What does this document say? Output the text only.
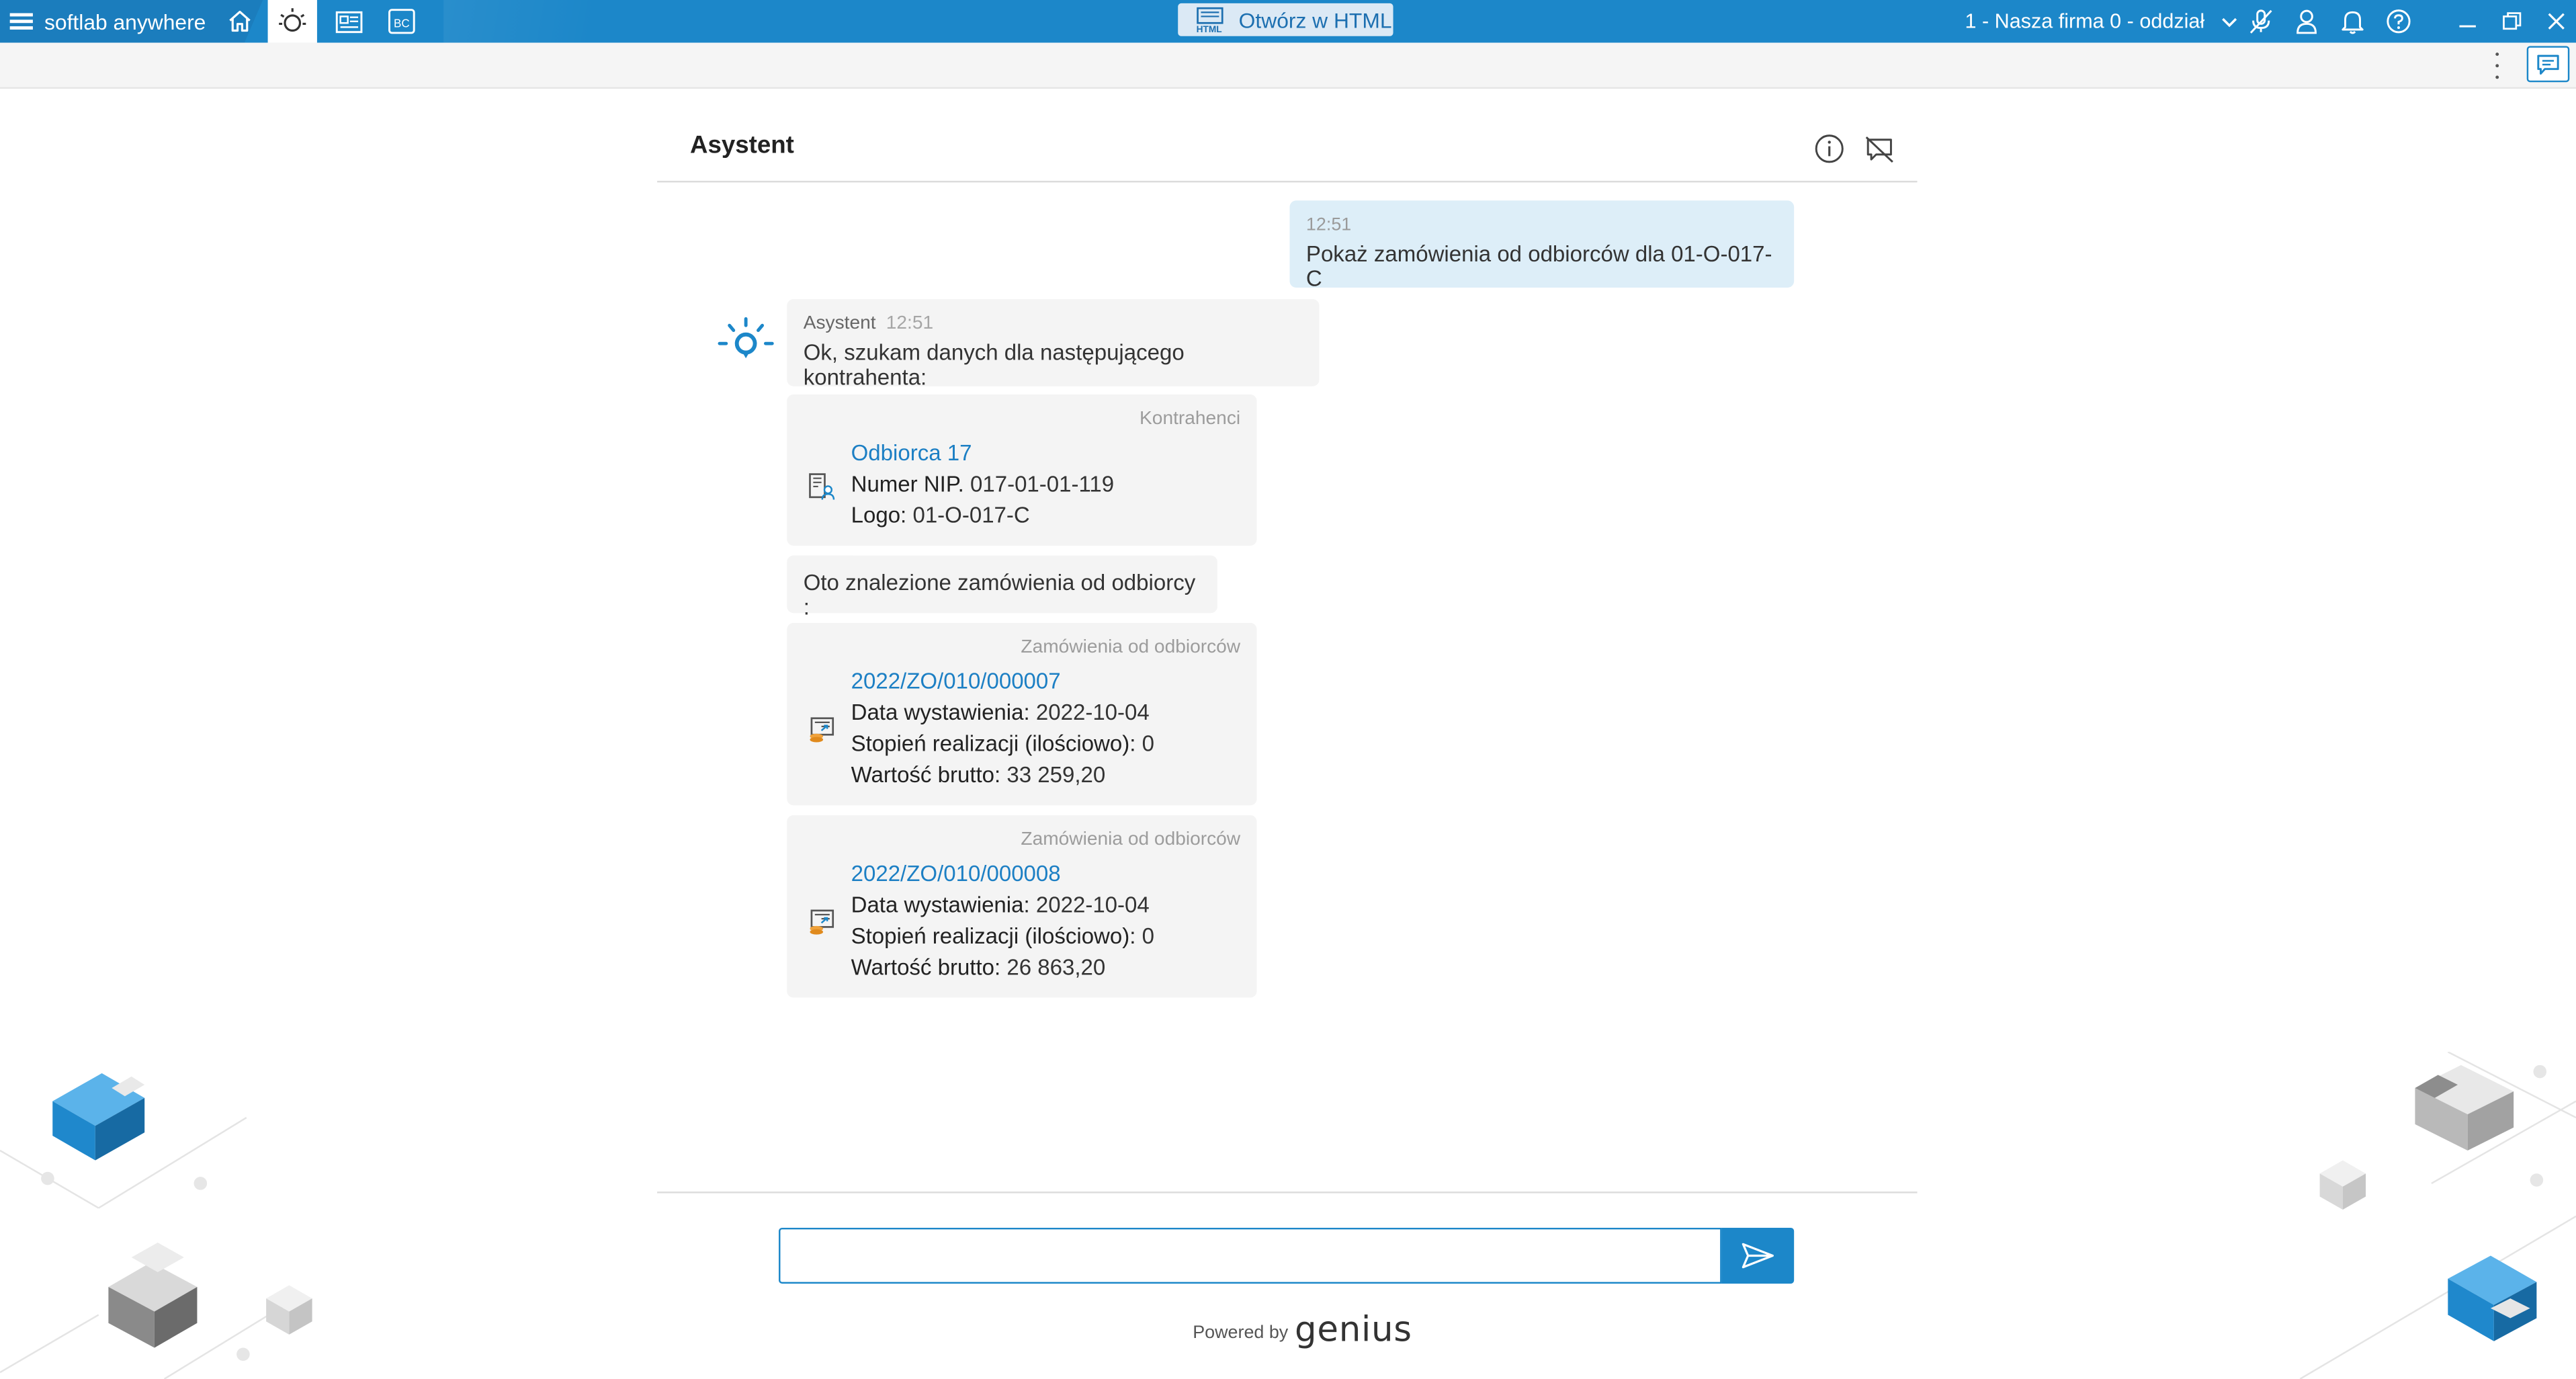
softlab anywhere	BC	HTML Otwórz w HTML	1 - Nasza firma 0 - oddział
Asystent
12:51
Pokaż zamówienia od odbiorców dla 01-O-017-C
Asystent 12:51
Ok, szukam danych dla następującego kontrahenta:
Kontrahenci
Odbiorca 17
Numer NIP. 017-01-01-119
Logo: 01-O-017-C
Oto znalezione zamówienia od odbiorcy :
Zamówienia od odbiorców
2022/ZO/010/000007
Data wystawienia: 2022-10-04
Stopień realizacji (ilościowo): 0
Wartość brutto: 33 259,20
Zamówienia od odbiorców
2022/ZO/010/000008
Data wystawienia: 2022-10-04
Stopień realizacji (ilościowo): 0
Wartość brutto: 26 863,20
Powered by genius
